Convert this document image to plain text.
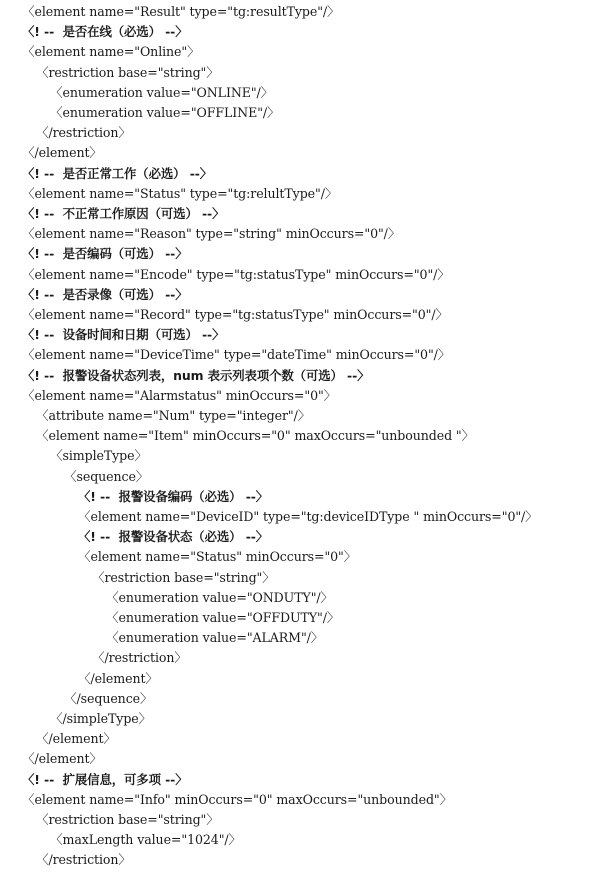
〈element name="Result" type="tg:resultType"/〉
〈! --  是否在线（必选） --〉
〈element name="Online"〉
〈restriction base="string"〉
〈enumeration value="ONLINE"/〉
〈enumeration value="OFFLINE"/〉
〈/restriction〉
〈/element〉
〈! --  是否正常工作（必选） --〉
〈element name="Status" type="tg:relultType"/〉
〈! --  不正常工作原因（可选） --〉
〈element name="Reason" type="string" minOccurs="0"/〉
〈! --  是否编码（可选） --〉
〈element name="Encode" type="tg:statusType" minOccurs="0"/〉
〈! --  是否录像（可选） --〉
〈element name="Record" type="tg:statusType" minOccurs="0"/〉
〈! --  设备时间和日期（可选） --〉
〈element name="DeviceTime" type="dateTime" minOccurs="0"/〉
〈! --  报警设备状态列表，num 表示列表项个数（可选） --〉
〈element name="Alarmstatus" minOccurs="0"〉
〈attribute name="Num" type="integer"/〉
〈element name="Item" minOccurs="0" maxOccurs="unbounded "〉
〈simpleType〉
〈sequence〉
〈! --  报警设备编码（必选） --〉
〈element name="DeviceID" type="tg:deviceIDType " minOccurs="0"/〉
〈! --  报警设备状态（必选） --〉
〈element name="Status" minOccurs="0"〉
〈restriction base="string"〉
〈enumeration value="ONDUTY"/〉
〈enumeration value="OFFDUTY"/〉
〈enumeration value="ALARM"/〉
〈/restriction〉
〈/element〉
〈/sequence〉
〈/simpleType〉
〈/element〉
〈/element〉
〈! --  扩展信息，可多项 --〉
〈element name="Info" minOccurs="0" maxOccurs="unbounded"〉
〈restriction base="string"〉
〈maxLength value="1024"/〉
〈/restriction〉
